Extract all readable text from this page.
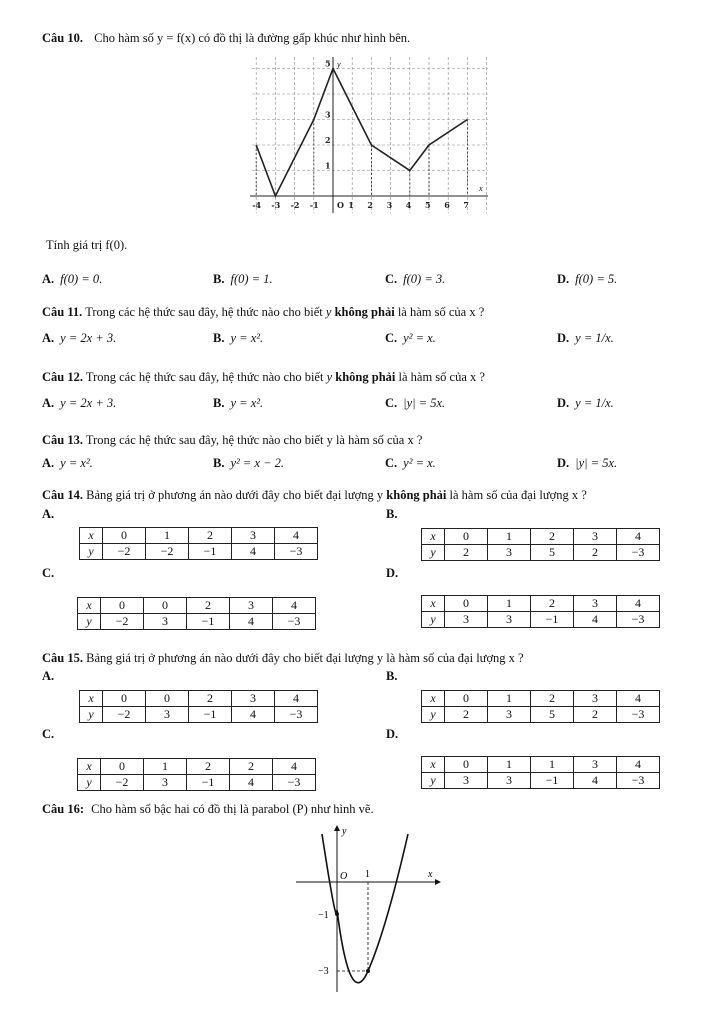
Câu 10. Cho hàm số y = f(x) có đồ thị là đường gấp khúc như hình bên.
-4 -3 -2 -1 O 1 2 3 4 5 6 7
1
2
3
5
x
y
Tính giá trị f(0).
A. f(0) = 0.	B. f(0) = 1.	C. f(0) = 3.	D. f(0) = 5.
Câu 11. Trong các hệ thức sau đây, hệ thức nào cho biết y không phải là hàm số của x ?
A. y = 2x + 3.	B. y = x².	C. y² = x.	D. y = 1/x.
Câu 12. Trong các hệ thức sau đây, hệ thức nào cho biết y không phải là hàm số của x ?
A. y = 2x + 3.	B. y = x².	C. |y| = 5x.	D. y = 1/x.
Câu 13. Trong các hệ thức sau đây, hệ thức nào cho biết y là hàm số của x ?
A. y = x².	B. y² = x − 2.	C. y² = x.	D. |y| = 5x.
Câu 14. Bảng giá trị ở phương án nào dưới đây cho biết đại lượng y không phải là hàm số của đại lượng x ?
A.	B.
C.	D.
x	0	1	2	3	4
y	−2	−2	−1	4	−3
x	0	1	2	3	4
y	2	3	5	2	−3
x	0	0	2	3	4
y	−2	3	−1	4	−3
x	0	1	2	3	4
y	3	3	−1	4	−3
Câu 15. Bảng giá trị ở phương án nào dưới đây cho biết đại lượng y là hàm số của đại lượng x ?
A.	B.
C.	D.
x	0	0	2	3	4
y	−2	3	−1	4	−3
x	0	1	2	3	4
y	2	3	5	2	−3
x	0	1	2	2	4
y	−2	3	−1	4	−3
x	0	1	1	3	4
y	3	3	−1	4	−3
Câu 16: Cho hàm số bậc hai có đồ thị là parabol (P) như hình vẽ.
O 1	x
y
−1
−3
